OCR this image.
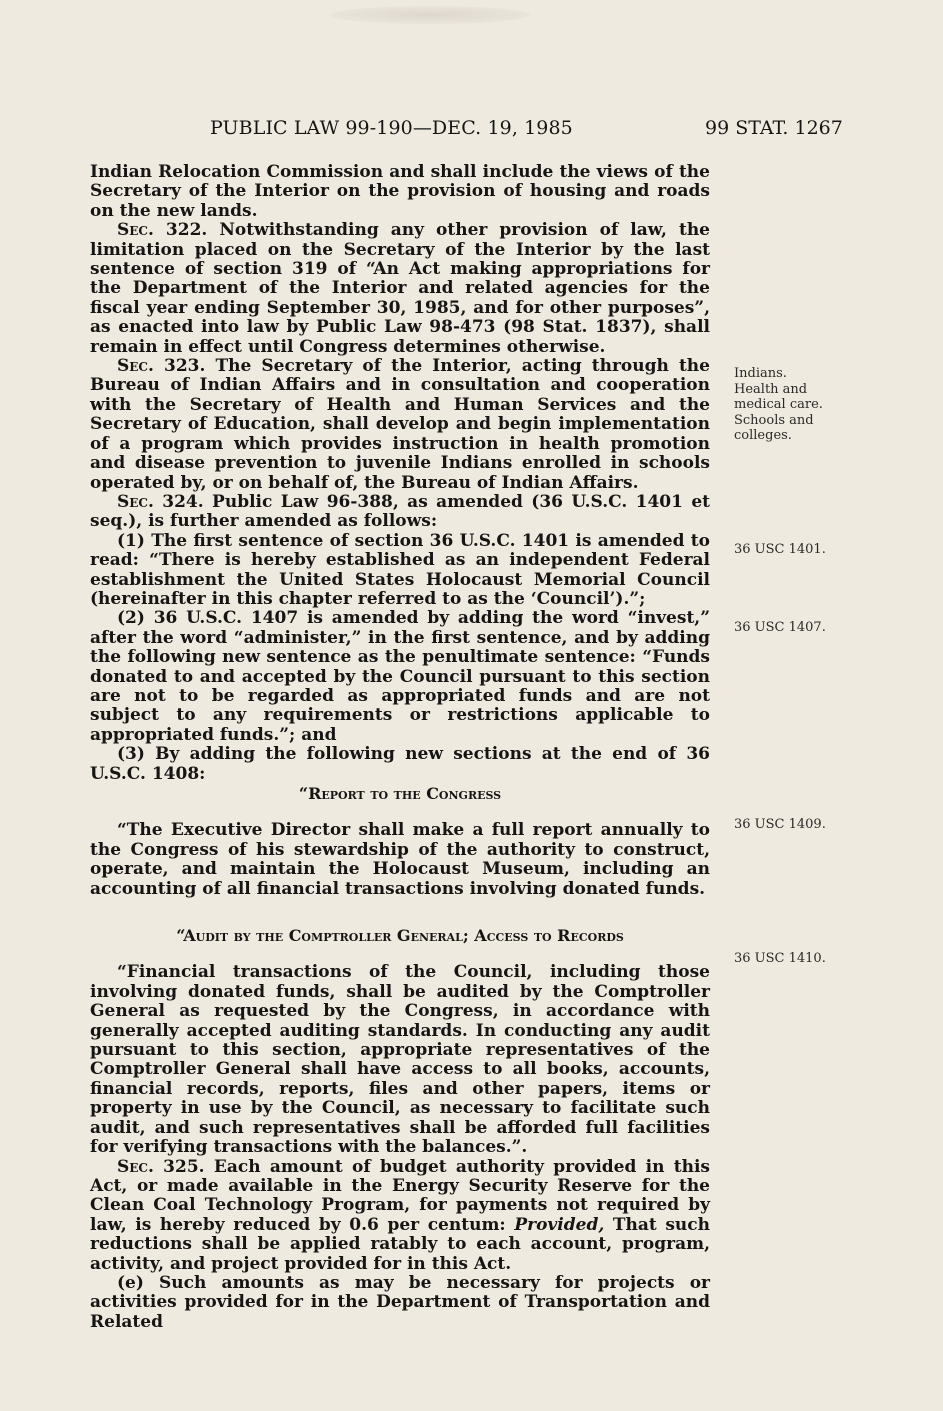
PUBLIC LAW 99-190—DEC. 19, 1985	99 STAT. 1267

Indian Relocation Commission and shall include the views of the Secretary of the Interior on the provision of housing and roads on the new lands.

Sec. 322. Notwithstanding any other provision of law, the limitation placed on the Secretary of the Interior by the last sentence of section 319 of “An Act making appropriations for the Department of the Interior and related agencies for the fiscal year ending September 30, 1985, and for other purposes”, as enacted into law by Public Law 98-473 (98 Stat. 1837), shall remain in effect until Congress determines otherwise.

Sec. 323. The Secretary of the Interior, acting through the Bureau of Indian Affairs and in consultation and cooperation with the Secretary of Health and Human Services and the Secretary of Education, shall develop and begin implementation of a program which provides instruction in health promotion and disease prevention to juvenile Indians enrolled in schools operated by, or on behalf of, the Bureau of Indian Affairs.

Sec. 324. Public Law 96-388, as amended (36 U.S.C. 1401 et seq.), is further amended as follows:

(1) The first sentence of section 36 U.S.C. 1401 is amended to read: “There is hereby established as an independent Federal establishment the United States Holocaust Memorial Council (hereinafter in this chapter referred to as the ‘Council’).”;

(2) 36 U.S.C. 1407 is amended by adding the word “invest,” after the word “administer,” in the first sentence, and by adding the following new sentence as the penultimate sentence: “Funds donated to and accepted by the Council pursuant to this section are not to be regarded as appropriated funds and are not subject to any requirements or restrictions applicable to appropriated funds.”; and

(3) By adding the following new sections at the end of 36 U.S.C. 1408:

“Report to the Congress

“The Executive Director shall make a full report annually to the Congress of his stewardship of the authority to construct, operate, and maintain the Holocaust Museum, including an accounting of all financial transactions involving donated funds.

“Audit by the Comptroller General; Access to Records

“Financial transactions of the Council, including those involving donated funds, shall be audited by the Comptroller General as requested by the Congress, in accordance with generally accepted auditing standards. In conducting any audit pursuant to this section, appropriate representatives of the Comptroller General shall have access to all books, accounts, financial records, reports, files and other papers, items or property in use by the Council, as necessary to facilitate such audit, and such representatives shall be afforded full facilities for verifying transactions with the balances.”.

Sec. 325. Each amount of budget authority provided in this Act, or made available in the Energy Security Reserve for the Clean Coal Technology Program, for payments not required by law, is hereby reduced by 0.6 per centum: Provided, That such reductions shall be applied ratably to each account, program, activity, and project provided for in this Act.

(e) Such amounts as may be necessary for projects or activities provided for in the Department of Transportation and Related

Indians.
Health and
medical care.
Schools and
colleges.
36 USC 1401.
36 USC 1407.
36 USC 1409.
36 USC 1410.
